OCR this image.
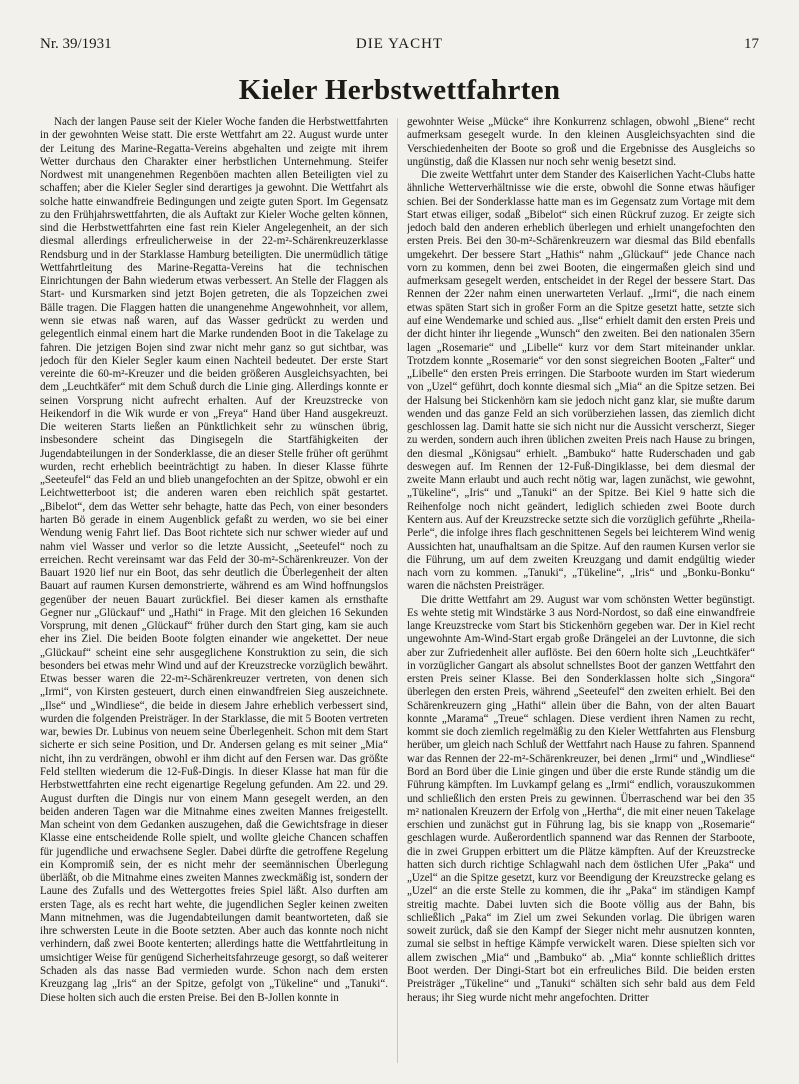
Nr. 39/1931	DIE YACHT	17
Kieler Herbstwettfahrten

Nach der langen Pause seit der Kieler Woche fanden die Herbstwettfahrten in der gewohnten Weise statt. Die erste Wettfahrt am 22. August wurde unter der Leitung des Marine-Regatta-Vereins abgehalten und zeigte mit ihrem Wetter durchaus den Charakter einer herbstlichen Unternehmung. Steifer Nordwest mit unangenehmen Regenböen machten allen Beteiligten viel zu schaffen; aber die Kieler Segler sind derartiges ja gewohnt. Die Wettfahrt als solche hatte einwandfreie Bedingungen und zeigte guten Sport. Im Gegensatz zu den Frühjahrswettfahrten, die als Auftakt zur Kieler Woche gelten können, sind die Herbstwettfahrten eine fast rein Kieler Angelegenheit, an der sich diesmal allerdings erfreulicherweise in der 22-m²-Schärenkreuzerklasse Rendsburg und in der Starklasse Hamburg beteiligten. Die unermüdlich tätige Wettfahrtleitung des Marine-Regatta-Vereins hat die technischen Einrichtungen der Bahn wiederum etwas verbessert. An Stelle der Flaggen als Start- und Kursmarken sind jetzt Bojen getreten, die als Topzeichen zwei Bälle tragen. Die Flaggen hatten die unangenehme Angewohnheit, vor allem, wenn sie etwas naß waren, auf das Wasser gedrückt zu werden und gelegentlich einmal einem hart die Marke rundenden Boot in die Takelage zu fahren. Die jetzigen Bojen sind zwar nicht mehr ganz so gut sichtbar, was jedoch für den Kieler Segler kaum einen Nachteil bedeutet. Der erste Start vereinte die 60-m²-Kreuzer und die beiden größeren Ausgleichsyachten, bei dem „Leuchtkäfer“ mit dem Schuß durch die Linie ging. Allerdings konnte er seinen Vorsprung nicht aufrecht erhalten. Auf der Kreuzstrecke von Heikendorf in die Wik wurde er von „Freya“ Hand über Hand ausgekreuzt. Die weiteren Starts ließen an Pünktlichkeit sehr zu wünschen übrig, insbesondere scheint das Dingisegeln die Startfähigkeiten der Jugendabteilungen in der Sonderklasse, die an dieser Stelle früher oft gerühmt wurden, recht erheblich beeinträchtigt zu haben. In dieser Klasse führte „Seeteufel“ das Feld an und blieb unangefochten an der Spitze, obwohl er ein Leichtwetterboot ist; die anderen waren eben reichlich spät gestartet. „Bibelot“, dem das Wetter sehr behagte, hatte das Pech, von einer besonders harten Bö gerade in einem Augenblick gefaßt zu werden, wo sie bei einer Wendung wenig Fahrt lief. Das Boot richtete sich nur schwer wieder auf und nahm viel Wasser und verlor so die letzte Aussicht, „Seeteufel“ noch zu erreichen. Recht vereinsamt war das Feld der 30-m²-Schärenkreuzer. Von der Bauart 1920 lief nur ein Boot, das sehr deutlich die Überlegenheit der alten Bauart auf raumen Kursen demonstrierte, während es am Wind hoffnungslos gegenüber der neuen Bauart zurückfiel. Bei dieser kamen als ernsthafte Gegner nur „Glückauf“ und „Hathi“ in Frage. Mit den gleichen 16 Sekunden Vorsprung, mit denen „Glückauf“ früher durch den Start ging, kam sie auch eher ins Ziel. Die beiden Boote folgten einander wie angekettet. Der neue „Glückauf“ scheint eine sehr ausgeglichene Konstruktion zu sein, die sich besonders bei etwas mehr Wind und auf der Kreuzstrecke vorzüglich bewährt. Etwas besser waren die 22-m²-Schärenkreuzer vertreten, von denen sich „Irmi“, von Kirsten gesteuert, durch einen einwandfreien Sieg auszeichnete. „Ilse“ und „Windliese“, die beide in diesem Jahre erheblich verbessert sind, wurden die folgenden Preisträger. In der Starklasse, die mit 5 Booten vertreten war, bewies Dr. Lubinus von neuem seine Überlegenheit. Schon mit dem Start sicherte er sich seine Position, und Dr. Andersen gelang es mit seiner „Mia“ nicht, ihn zu verdrängen, obwohl er ihm dicht auf den Fersen war. Das größte Feld stellten wiederum die 12-Fuß-Dingis. In dieser Klasse hat man für die Herbstwettfahrten eine recht eigenartige Regelung gefunden. Am 22. und 29. August durften die Dingis nur von einem Mann gesegelt werden, an den beiden anderen Tagen war die Mitnahme eines zweiten Mannes freigestellt. Man scheint von dem Gedanken auszugehen, daß die Gewichtsfrage in dieser Klasse eine entscheidende Rolle spielt, und wollte gleiche Chancen schaffen für jugendliche und erwachsene Segler. Dabei dürfte die getroffene Regelung ein Kompromiß sein, der es nicht mehr der seemännischen Überlegung überläßt, ob die Mitnahme eines zweiten Mannes zweckmäßig ist, sondern der Laune des Zufalls und des Wettergottes freies Spiel läßt. Also durften am ersten Tage, als es recht hart wehte, die jugendlichen Segler keinen zweiten Mann mitnehmen, was die Jugendabteilungen damit beantworteten, daß sie ihre schwersten Leute in die Boote setzten. Aber auch das konnte noch nicht verhindern, daß zwei Boote kenterten; allerdings hatte die Wettfahrtleitung in umsichtiger Weise für genügend Sicherheitsfahrzeuge gesorgt, so daß weiterer Schaden als das nasse Bad vermieden wurde. Schon nach dem ersten Kreuzgang lag „Iris“ an der Spitze, gefolgt von „Tükeline“ und „Tanuki“. Diese holten sich auch die ersten Preise. Bei den B-Jollen konnte in

gewohnter Weise „Mücke“ ihre Konkurrenz schlagen, obwohl „Biene“ recht aufmerksam gesegelt wurde. In den kleinen Ausgleichsyachten sind die Verschiedenheiten der Boote so groß und die Ergebnisse des Ausgleichs so ungünstig, daß die Klassen nur noch sehr wenig besetzt sind.

Die zweite Wettfahrt unter dem Stander des Kaiserlichen Yacht-Clubs hatte ähnliche Wetterverhältnisse wie die erste, obwohl die Sonne etwas häufiger schien. Bei der Sonderklasse hatte man es im Gegensatz zum Vortage mit dem Start etwas eiliger, sodaß „Bibelot“ sich einen Rückruf zuzog. Er zeigte sich jedoch bald den anderen erheblich überlegen und erhielt unangefochten den ersten Preis. Bei den 30-m²-Schärenkreuzern war diesmal das Bild ebenfalls umgekehrt. Der bessere Start „Hathis“ nahm „Glückauf“ jede Chance nach vorn zu kommen, denn bei zwei Booten, die eingermaßen gleich sind und aufmerksam gesegelt werden, entscheidet in der Regel der bessere Start. Das Rennen der 22er nahm einen unerwarteten Verlauf. „Irmi“, die nach einem etwas späten Start sich in großer Form an die Spitze gesetzt hatte, setzte sich auf eine Wendemarke und schied aus. „Ilse“ erhielt damit den ersten Preis und der dicht hinter ihr liegende „Wunsch“ den zweiten. Bei den nationalen 35ern lagen „Rosemarie“ und „Libelle“ kurz vor dem Start miteinander unklar. Trotzdem konnte „Rosemarie“ vor den sonst siegreichen Booten „Falter“ und „Libelle“ den ersten Preis erringen. Die Starboote wurden im Start wiederum von „Uzel“ geführt, doch konnte diesmal sich „Mia“ an die Spitze setzen. Bei der Halsung bei Stickenhörn kam sie jedoch nicht ganz klar, sie mußte darum wenden und das ganze Feld an sich vorüberziehen lassen, das ziemlich dicht geschlossen lag. Damit hatte sie sich nicht nur die Aussicht verscherzt, Sieger zu werden, sondern auch ihren üblichen zweiten Preis nach Hause zu bringen, den diesmal „Königsau“ erhielt. „Bambuko“ hatte Ruderschaden und gab deswegen auf. Im Rennen der 12-Fuß-Dingiklasse, bei dem diesmal der zweite Mann erlaubt und auch recht nötig war, lagen zunächst, wie gewohnt, „Tükeline“, „Iris“ und „Tanuki“ an der Spitze. Bei Kiel 9 hatte sich die Reihenfolge noch nicht geändert, lediglich schieden zwei Boote durch Kentern aus. Auf der Kreuzstrecke setzte sich die vorzüglich geführte „Rheila-Perle“, die infolge ihres flach geschnittenen Segels bei leichterem Wind wenig Aussichten hat, unaufhaltsam an die Spitze. Auf den raumen Kursen verlor sie die Führung, um auf dem zweiten Kreuzgang und damit endgültig wieder nach vorn zu kommen. „Tanuki“, „Tükeline“, „Iris“ und „Bonku-Bonku“ waren die nächsten Preisträger.

Die dritte Wettfahrt am 29. August war vom schönsten Wetter begünstigt. Es wehte stetig mit Windstärke 3 aus Nord-Nordost, so daß eine einwandfreie lange Kreuzstrecke vom Start bis Stickenhörn gegeben war. Der in Kiel recht ungewohnte Am-Wind-Start ergab große Drängelei an der Luvtonne, die sich aber zur Zufriedenheit aller auflöste. Bei den 60ern holte sich „Leuchtkäfer“ in vorzüglicher Gangart als absolut schnellstes Boot der ganzen Wettfahrt den ersten Preis seiner Klasse. Bei den Sonderklassen holte sich „Singora“ überlegen den ersten Preis, während „Seeteufel“ den zweiten erhielt. Bei den Schärenkreuzern ging „Hathi“ allein über die Bahn, von der alten Bauart konnte „Marama“ „Treue“ schlagen. Diese verdient ihren Namen zu recht, kommt sie doch ziemlich regelmäßig zu den Kieler Wettfahrten aus Flensburg herüber, um gleich nach Schluß der Wettfahrt nach Hause zu fahren. Spannend war das Rennen der 22-m²-Schärenkreuzer, bei denen „Irmi“ und „Windliese“ Bord an Bord über die Linie gingen und über die erste Runde ständig um die Führung kämpften. Im Luvkampf gelang es „Irmi“ endlich, vorauszukommen und schließlich den ersten Preis zu gewinnen. Überraschend war bei den 35 m² nationalen Kreuzern der Erfolg von „Hertha“, die mit einer neuen Takelage erschien und zunächst gut in Führung lag, bis sie knapp von „Rosemarie“ geschlagen wurde. Außerordentlich spannend war das Rennen der Starboote, die in zwei Gruppen erbittert um die Plätze kämpften. Auf der Kreuzstrecke hatten sich durch richtige Schlagwahl nach dem östlichen Ufer „Paka“ und „Uzel“ an die Spitze gesetzt, kurz vor Beendigung der Kreuzstrecke gelang es „Uzel“ an die erste Stelle zu kommen, die ihr „Paka“ im ständigen Kampf streitig machte. Dabei luvten sich die Boote völlig aus der Bahn, bis schließlich „Paka“ im Ziel um zwei Sekunden vorlag. Die übrigen waren soweit zurück, daß sie den Kampf der Sieger nicht mehr ausnutzen konnten, zumal sie selbst in heftige Kämpfe verwickelt waren. Diese spielten sich vor allem zwischen „Mia“ und „Bambuko“ ab. „Mia“ konnte schließlich drittes Boot werden. Der Dingi-Start bot ein erfreuliches Bild. Die beiden ersten Preisträger „Tükeline“ und „Tanuki“ schälten sich sehr bald aus dem Feld heraus; ihr Sieg wurde nicht mehr angefochten. Dritter
